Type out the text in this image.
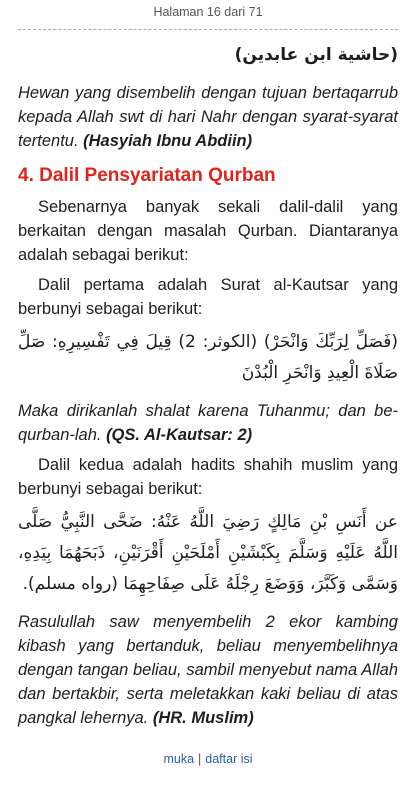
Halaman 16 dari 71
(حاشية ابن عابدين)

Hewan yang disembelih dengan tujuan bertaqarrub kepada Allah swt di hari Nahr dengan syarat-syarat tertentu. (Hasyiah Ibnu Abdiin)

4. Dalil Pensyariatan Qurban

Sebenarnya banyak sekali dalil-dalil yang berkaitan dengan masalah Qurban. Diantaranya adalah sebagai berikut:

Dalil pertama adalah Surat al-Kautsar yang berbunyi sebagai berikut:

(فَصَلِّ لِرَبِّكَ وَانْحَرْ) (الكوثر: 2) قِيلَ فِي تَفْسِيرِهِ: صَلِّ صَلَاةَ الْعِيدِ وَانْحَرِ الْبُدْنَ

Maka dirikanlah shalat karena Tuhanmu; dan be-qurban-lah. (QS. Al-Kautsar: 2)

Dalil kedua adalah hadits shahih muslim yang berbunyi sebagai berikut:

عن أَنَسِ بْنِ مَالِكٍ رَضِيَ اللَّهُ عَنْهُ: ضَحَّى النَّبِيُّ صَلَّى اللَّهُ عَلَيْهِ وَسَلَّمَ بِكَبْشَيْنِ أَمْلَحَيْنِ أَقْرَنَيْنِ، ذَبَحَهُمَا بِيَدِهِ، وَسَمَّى وَكَبَّرَ، وَوَضَعَ رِجْلَهُ عَلَى صِفَاحِهِمَا (رواه مسلم).

Rasulullah saw menyembelih 2 ekor kambing kibash yang bertanduk, beliau menyembelihnya dengan tangan beliau, sambil menyebut nama Allah dan bertakbir, serta meletakkan kaki beliau di atas pangkal lehernya. (HR. Muslim)

muka | daftar isi
